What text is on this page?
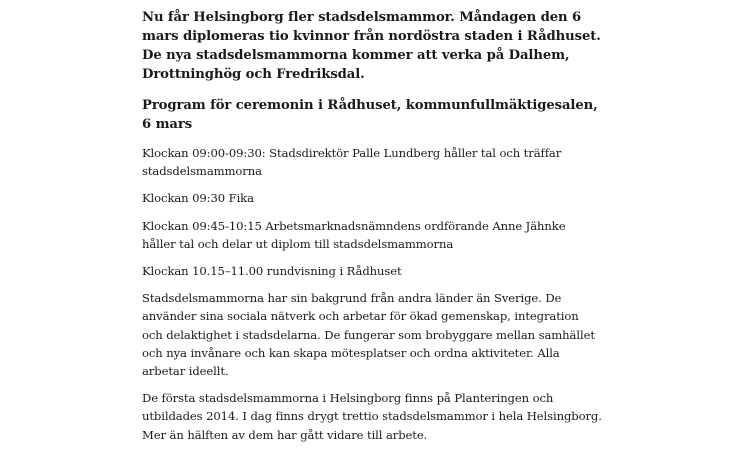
Nu får Helsingborg fler stadsdelsmammor. Måndagen den 6 mars diplomeras tio kvinnor från nordöstra staden i Rådhuset. De nya stadsdelsmammorna kommer att verka på Dalhem, Drottninghög och Fredriksdal.

Program för ceremonin i Rådhuset, kommunfullmäktigesalen, 6 mars

Klockan 09:00-09:30: Stadsdirektör Palle Lundberg håller tal och träffar stadsdelsmammorna

Klockan 09:30 Fika

Klockan 09:45-10:15 Arbetsmarknadsnämndens ordförande Anne Jähnke håller tal och delar ut diplom till stadsdelsmammorna

Klockan 10.15–11.00 rundvisning i Rådhuset

Stadsdelsmammorna har sin bakgrund från andra länder än Sverige. De använder sina sociala nätverk och arbetar för ökad gemenskap, integration och delaktighet i stadsdelarna. De fungerar som brobyggare mellan samhället och nya invånare och kan skapa mötesplatser och ordna aktiviteter. Alla arbetar ideellt.

De första stadsdelsmammorna i Helsingborg finns på Planteringen och utbildades 2014. I dag finns drygt trettio stadsdelsmammor i hela Helsingborg. Mer än hälften av dem har gått vidare till arbete.
